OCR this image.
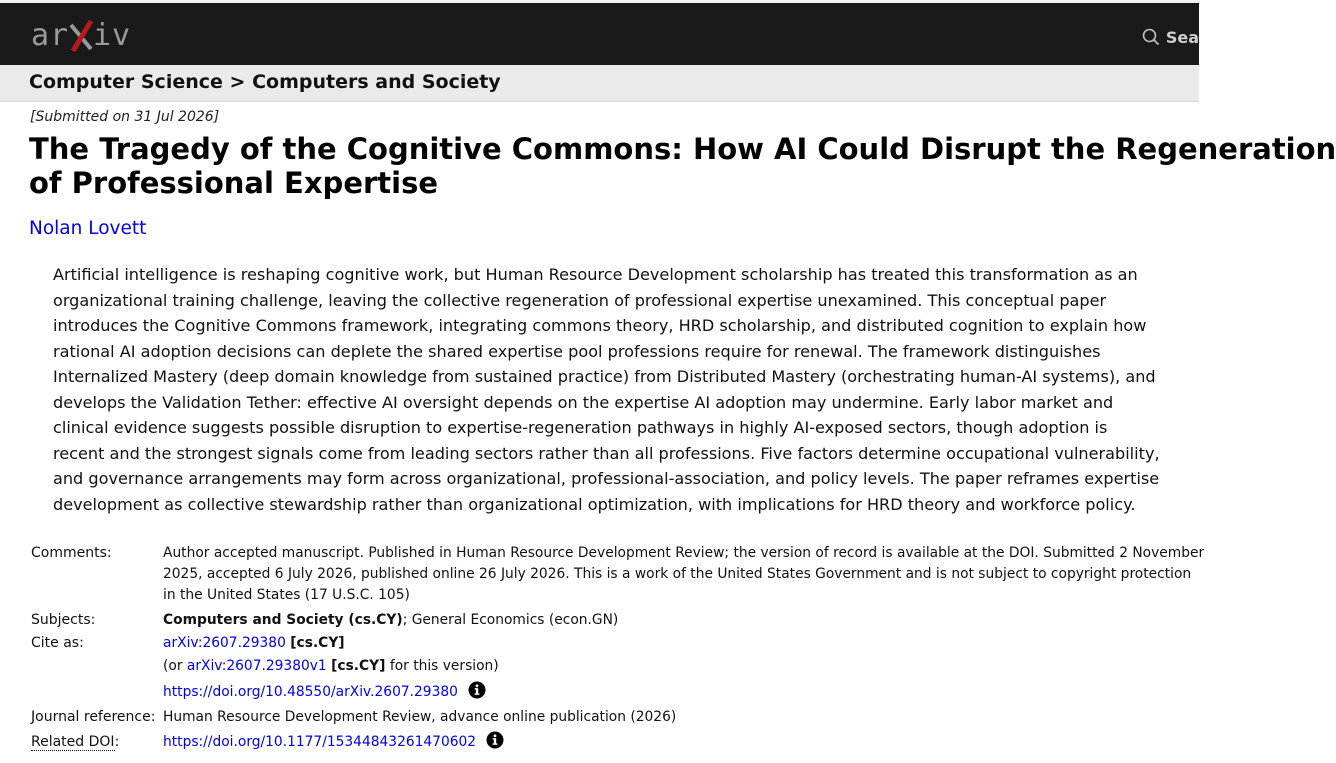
ar iv	Sea
Computer Science > Computers and Society
[Submitted on 31 Jul 2026]
The Tragedy of the Cognitive Commons: How AI Could Disrupt the Regeneration
of Professional Expertise
Nolan Lovett
Artificial intelligence is reshaping cognitive work, but Human Resource Development scholarship has treated this transformation as an
organizational training challenge, leaving the collective regeneration of professional expertise unexamined. This conceptual paper
introduces the Cognitive Commons framework, integrating commons theory, HRD scholarship, and distributed cognition to explain how
rational AI adoption decisions can deplete the shared expertise pool professions require for renewal. The framework distinguishes
Internalized Mastery (deep domain knowledge from sustained practice) from Distributed Mastery (orchestrating human-AI systems), and
develops the Validation Tether: effective AI oversight depends on the expertise AI adoption may undermine. Early labor market and
clinical evidence suggests possible disruption to expertise-regeneration pathways in highly AI-exposed sectors, though adoption is
recent and the strongest signals come from leading sectors rather than all professions. Five factors determine occupational vulnerability,
and governance arrangements may form across organizational, professional-association, and policy levels. The paper reframes expertise
development as collective stewardship rather than organizational optimization, with implications for HRD theory and workforce policy.
Comments:	Author accepted manuscript. Published in Human Resource Development Review; the version of record is available at the DOI. Submitted 2 November
2025, accepted 6 July 2026, published online 26 July 2026. This is a work of the United States Government and is not subject to copyright protection
in the United States (17 U.S.C. 105)
Subjects:	Computers and Society (cs.CY); General Economics (econ.GN)
Cite as:	arXiv:2607.29380 [cs.CY]
(or arXiv:2607.29380v1 [cs.CY] for this version)
https://doi.org/10.48550/arXiv.2607.29380
Journal reference: Human Resource Development Review, advance online publication (2026)
Related DOI:	https://doi.org/10.1177/15344843261470602
